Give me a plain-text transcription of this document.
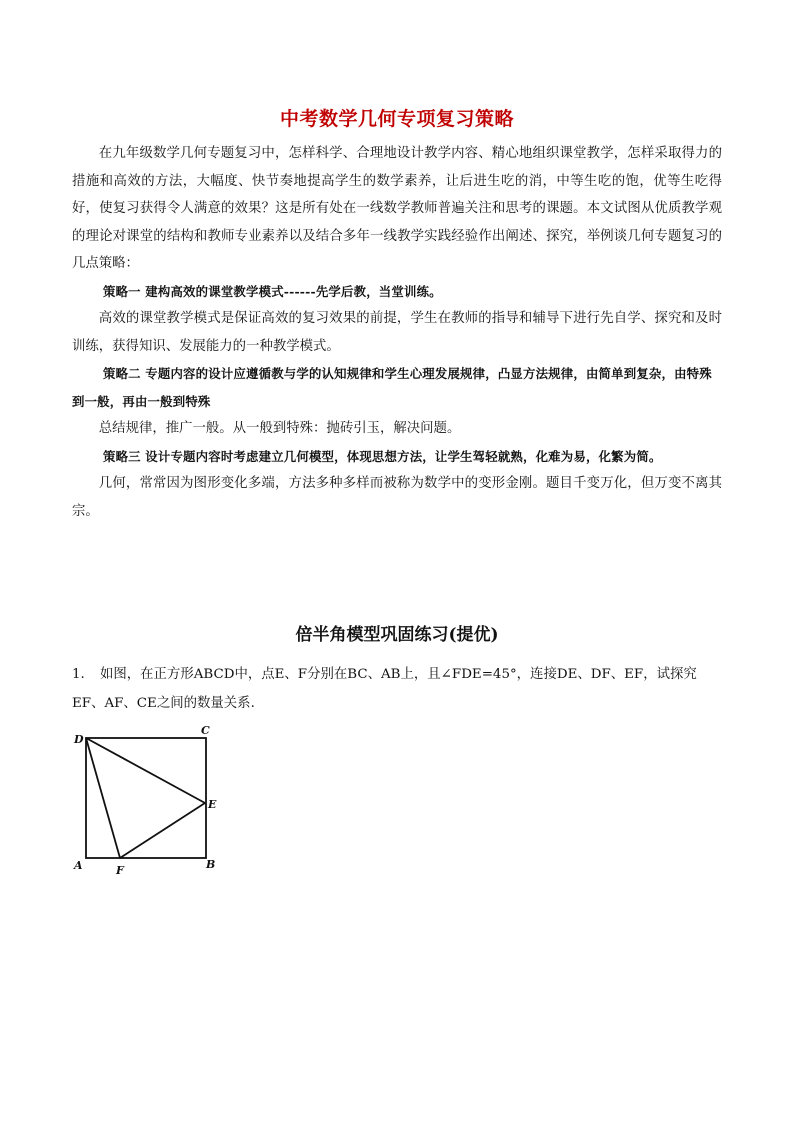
中考数学几何专项复习策略

在九年级数学几何专题复习中，怎样科学、合理地设计教学内容、精心地组织课堂教学，怎样采取得力的措施和高效的方法，大幅度、快节奏地提高学生的数学素养，让后进生吃的消，中等生吃的饱，优等生吃得好，使复习获得令人满意的效果？这是所有处在一线数学教师普遍关注和思考的课题。本文试图从优质教学观的理论对课堂的结构和教师专业素养以及结合多年一线教学实践经验作出阐述、探究，举例谈几何专题复习的几点策略：

策略一 建构高效的课堂教学模式------先学后教，当堂训练。

高效的课堂教学模式是保证高效的复习效果的前提，学生在教师的指导和辅导下进行先自学、探究和及时训练，获得知识、发展能力的一种教学模式。

策略二 专题内容的设计应遵循教与学的认知规律和学生心理发展规律，凸显方法规律，由简单到复杂，由特殊到一般，再由一般到特殊

总结规律，推广一般。从一般到特殊：抛砖引玉，解决问题。

策略三 设计专题内容时考虑建立几何模型，体现思想方法，让学生驾轻就熟，化难为易，化繁为简。

几何，常常因为图形变化多端，方法多种多样而被称为数学中的变形金刚。题目千变万化，但万变不离其宗。

倍半角模型巩固练习(提优)
1. 如图，在正方形ABCD中，点E、F分别在BC、AB上，且∠FDE=45°，连接DE、DF、EF，试探究EF、AF、CE之间的数量关系.
D
C
E
A	F	B
